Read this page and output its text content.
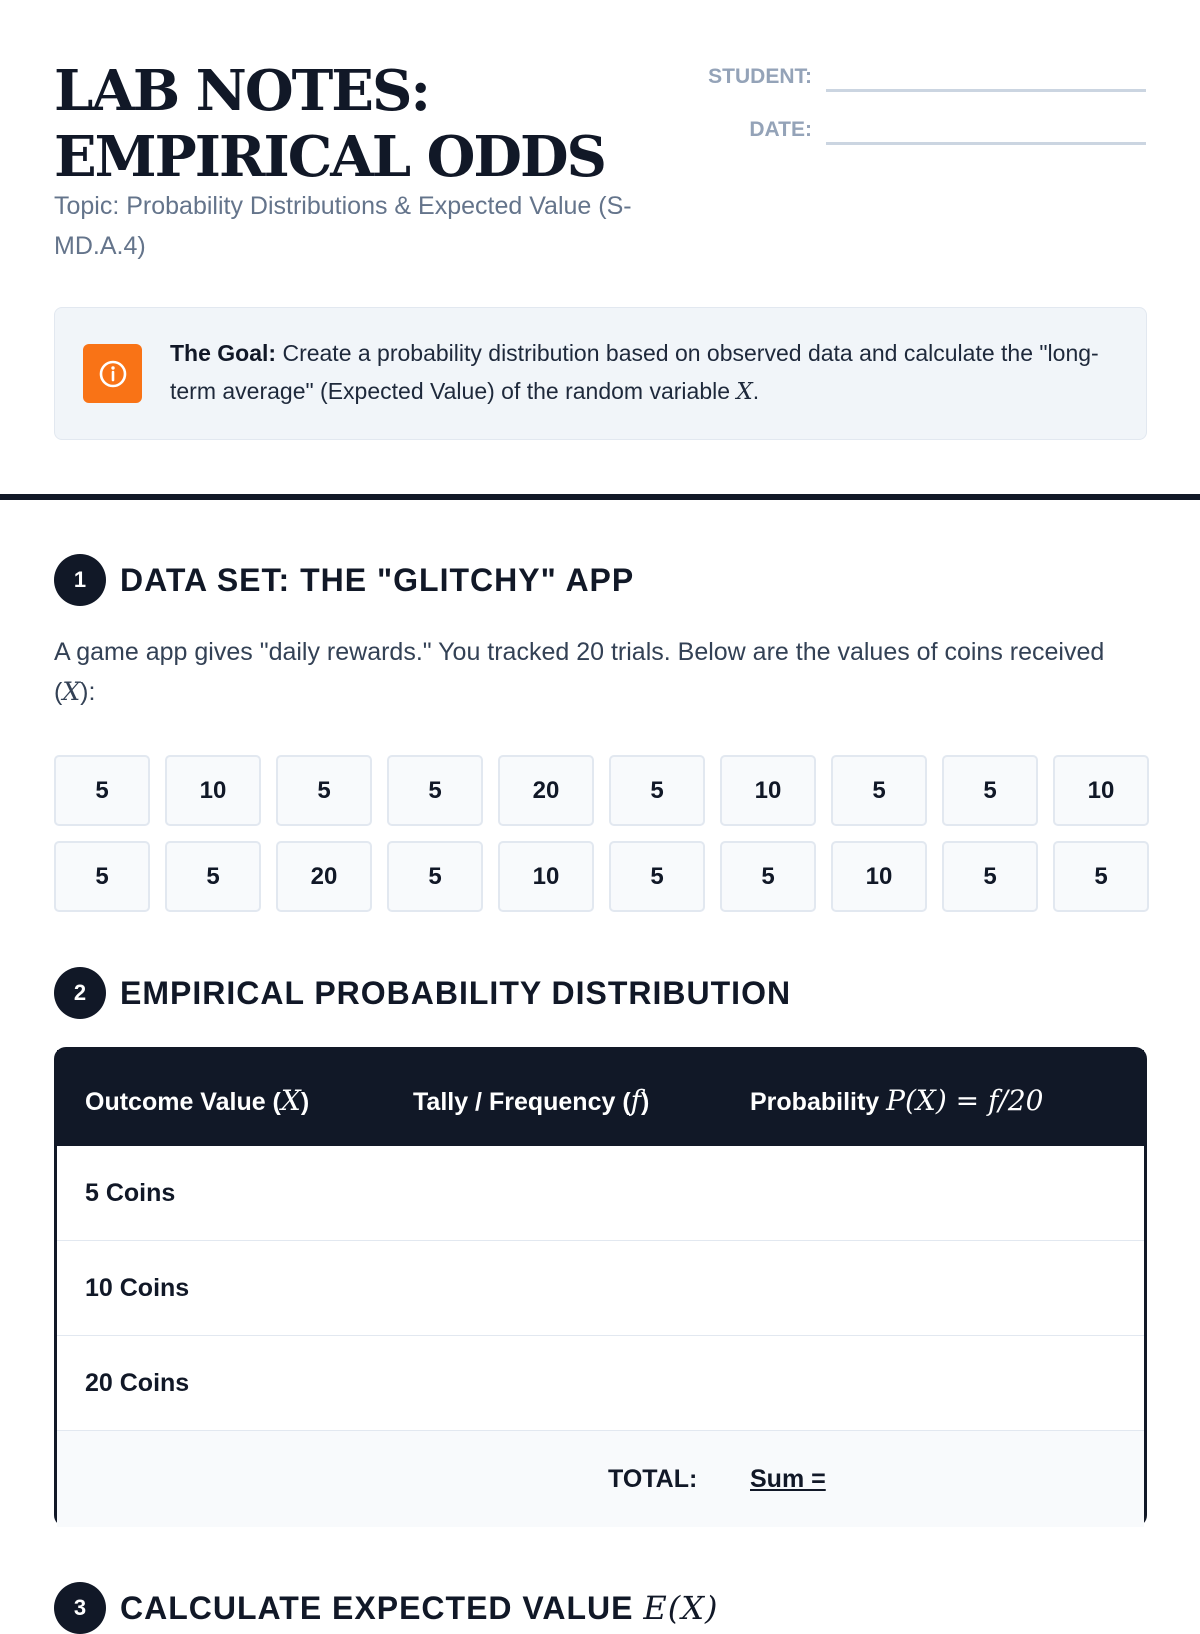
LAB NOTES:
EMPIRICAL ODDS
Topic: Probability Distributions & Expected Value (S-MD.A.4)
STUDENT:
DATE:
The Goal: Create a probability distribution based on observed data and calculate the "long-term average" (Expected Value) of the random variable X.
1	DATA SET: THE "GLITCHY" APP
A game app gives "daily rewards." You tracked 20 trials. Below are the values of coins received (X):
5	10	5	5	20	5	10	5	5	10
5	5	20	5	10	5	5	10	5	5
2	EMPIRICAL PROBABILITY DISTRIBUTION
Outcome Value (X)	Tally / Frequency (f)	Probability P(X) = f/20
5 Coins
10 Coins
20 Coins
TOTAL: Sum =
3	CALCULATE EXPECTED VALUE E(X)
